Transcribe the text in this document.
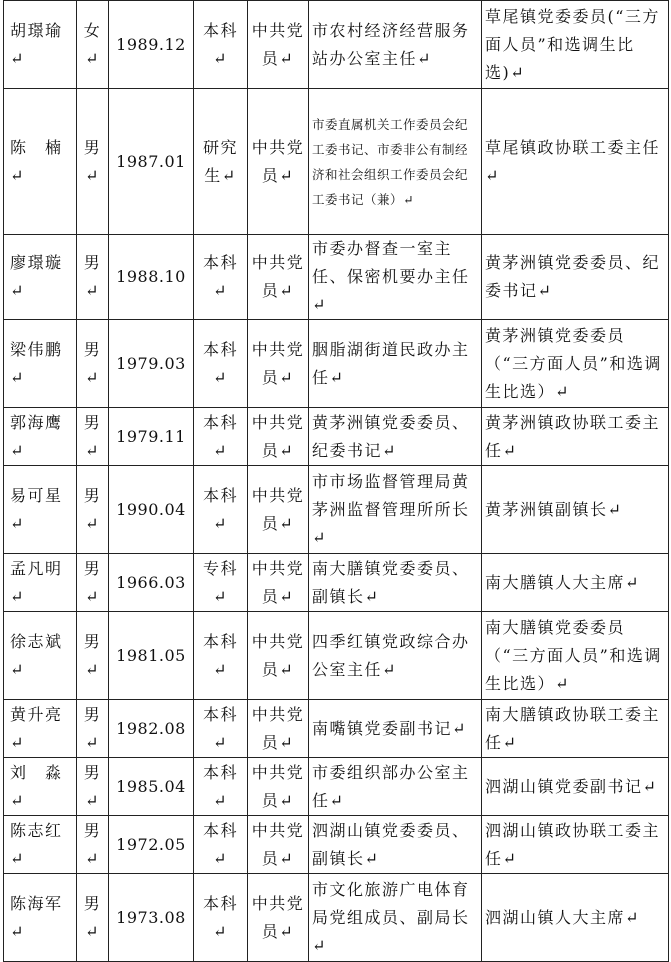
胡璟瑜↵	女↵	1989.12	本科↵	中共党员↵	市农村经济经营服务站办公室主任↵	草尾镇党委委员(“三方面人员”和选调生比选)↵
陈　楠↵	男↵	1987.01	研究生↵	中共党员↵	市委直属机关工作委员会纪工委书记、市委非公有制经济和社会组织工作委员会纪工委书记（兼）↵	草尾镇政协联工委主任↵
廖璟璇↵	男↵	1988.10	本科↵	中共党员↵	市委办督查一室主任、保密机要办主任↵	黄茅洲镇党委委员、纪委书记↵
梁伟鹏↵	男↵	1979.03	本科↵	中共党员↵	胭脂湖街道民政办主任↵	黄茅洲镇党委委员（“三方面人员”和选调生比选）↵
郭海鹰↵	男↵	1979.11	本科↵	中共党员↵	黄茅洲镇党委委员、纪委书记↵	黄茅洲镇政协联工委主任↵
易可星↵	男↵	1990.04	本科↵	中共党员↵	市市场监督管理局黄茅洲监督管理所所长↵	黄茅洲镇副镇长↵
孟凡明↵	男↵	1966.03	专科↵	中共党员↵	南大膳镇党委委员、副镇长↵	南大膳镇人大主席↵
徐志斌↵	男↵	1981.05	本科↵	中共党员↵	四季红镇党政综合办公室主任↵	南大膳镇党委委员（“三方面人员”和选调生比选）↵
黄升亮↵	男↵	1982.08	本科↵	中共党员↵	南嘴镇党委副书记↵	南大膳镇政协联工委主任↵
刘　淼↵	男↵	1985.04	本科↵	中共党员↵	市委组织部办公室主任↵	泗湖山镇党委副书记↵
陈志红↵	男↵	1972.05	本科↵	中共党员↵	泗湖山镇党委委员、副镇长↵	泗湖山镇政协联工委主任↵
陈海军↵	男↵	1973.08	本科↵	中共党员↵	市文化旅游广电体育局党组成员、副局长↵	泗湖山镇人大主席↵
